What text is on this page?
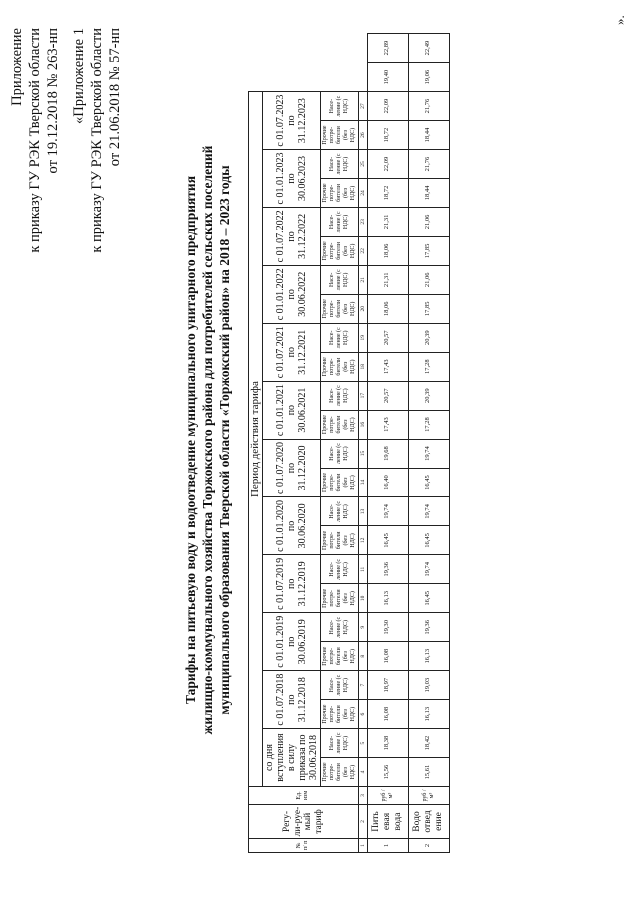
Приложение к приказу ГУ РЭК Тверской области от 19.12.2018 № 263-нп «Приложение 1 к приказу ГУ РЭК Тверской области от 21.06.2018 № 57-нп
Тарифы на питьевую воду и водоотведение муниципального унитарного предприятия жилищно-коммунального хозяйства Торжокского района для потребителей сельских поселений муниципального образования Тверской области «Торжокский район» на 2018 – 2023 годы
№ п/ п	Регу-ли-руе-мый тариф	Ед. изм	Период действия тарифа																									
			со дня вступления в силу приказа по 30.06.2018		с 01.07.2018 по 31.12.2018		с 01.01.2019 по 30.06.2019		с 01.07.2019 по 31.12.2019		с 01.01.2020 по 30.06.2020		с 01.07.2020 по 31.12.2020		с 01.01.2021 по 30.06.2021		с 01.07.2021 по 31.12.2021		с 01.01.2022 по 30.06.2022		с 01.07.2022 по 31.12.2022		с 01.01.2023 по 30.06.2023		с 01.07.2023 по 31.12.2023			
			Прочие потре-бители (без НДС)	Насе-ление (с НДС)	Прочие потре-бители (без НДС)	Насе-ление (с НДС)	Прочие потре-бители (без НДС)	Насе-ление (с НДС)	Прочие потре-бители (без НДС)	Насе-ление (с НДС)	Прочие потре-бители (без НДС)	Насе-ление (с НДС)	Прочие потре-бители (без НДС)	Насе-ление (с НДС)	Прочие потре-бители (без НДС)	Насе-ление (с НДС)	Прочие потре-бители (без НДС)	Насе-ление (с НДС)	Прочие потре-бители (без НДС)	Насе-ление (с НДС)	Прочие потре-бители (без НДС)	Насе-ление (с НДС)	Прочие потре-бители (без НДС)	Насе-ление (с НДС)	Прочие потре-бители (без НДС)	Насе-ление (с НДС)		
1	2	3	4	5	6	7	8	9	10	11	12	13	14	15	16	17	18	19	20	21	22	23	24	25	26	27		
1	Пить евая вода	руб /м³	15,56	18,38	16,08	18,97	16,08	19,30	16,13	19,36	16,45	19,74	16,40	19,68	17,43	20,57	17,43	20,57	18,06	21,31	18,06	21,31	18,72	22,09	18,72	22,09	19,40	22,89
2	Водо отвед ение	руб /м³	15,61	18,42	16,13	19,03	16,13	19,36	16,45	19,74	16,45	19,74	16,45	19,74	17,28	20,39	17,28	20,39	17,85	21,06	17,85	21,06	18,44	21,76	18,44	21,76	19,06	22,49
».
